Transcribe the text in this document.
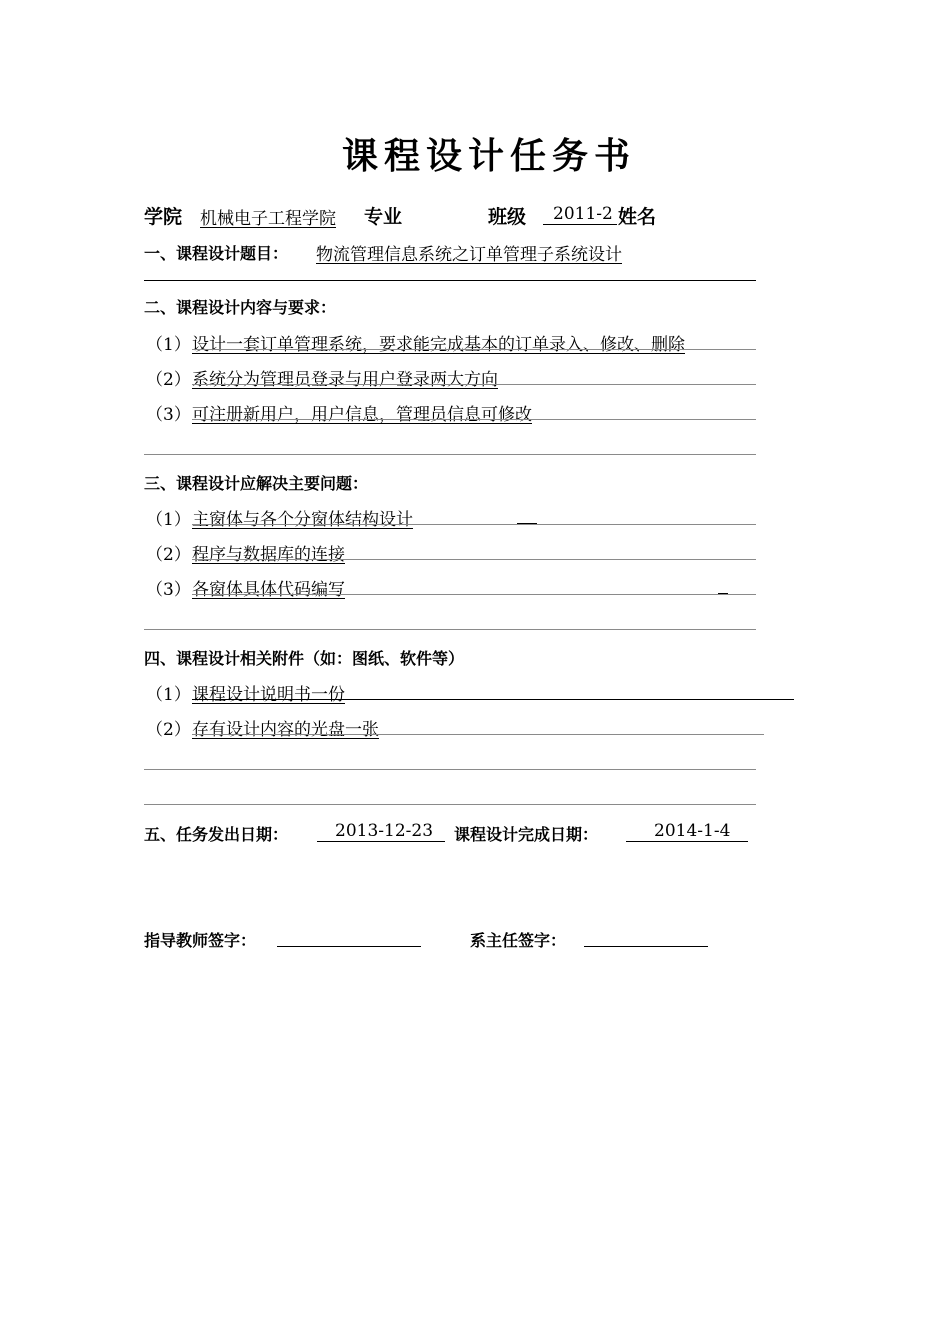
课程设计任务书
学院 机械电子工程学院 专业	班级	2011-2 姓名
一、课程设计题目： 物流管理信息系统之订单管理子系统设计
二、课程设计内容与要求：
（1） 设计一套订单管理系统，要求能完成基本的订单录入、修改、删除
（2） 系统分为管理员登录与用户登录两大方向
（3） 可注册新用户，用户信息，管理员信息可修改
三、课程设计应解决主要问题：
（1） 主窗体与各个分窗体结构设计
（2） 程序与数据库的连接
（3） 各窗体具体代码编写
四、课程设计相关附件（如：图纸、软件等）
（1） 课程设计说明书一份
（2） 存有设计内容的光盘一张
五、任务发出日期：	2013-12-23	课程设计完成日期：	2014-1-4
指导教师签字：	系主任签字：
